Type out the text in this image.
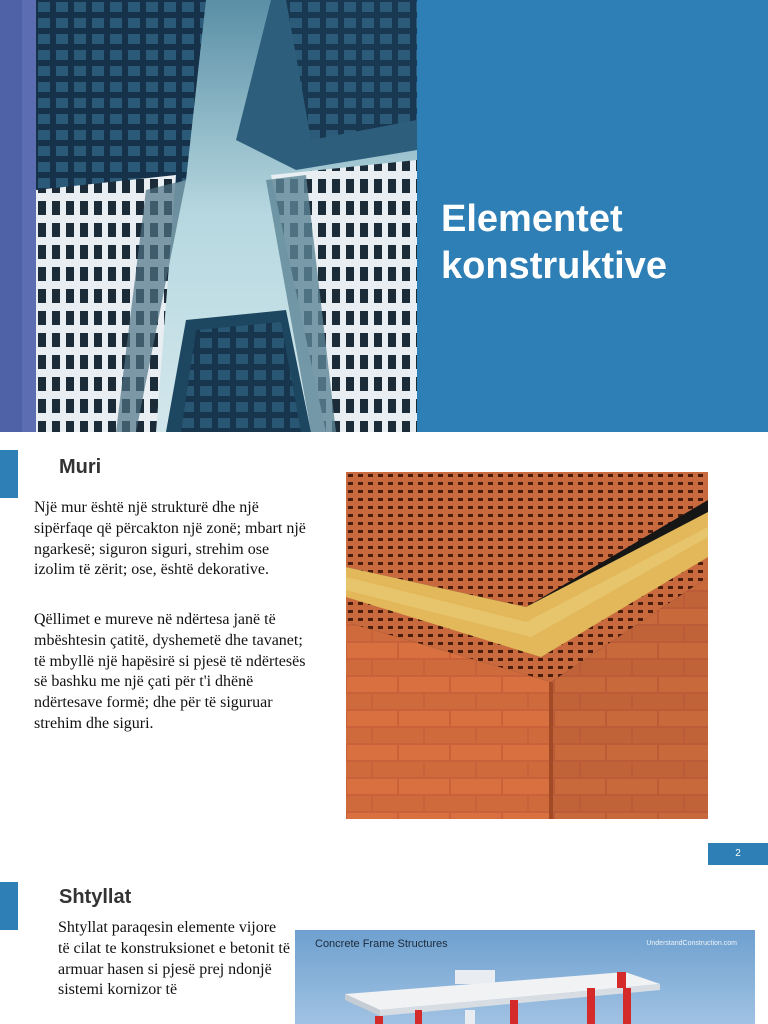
Elementet
konstruktive
Muri

Një mur është një strukturë dhe një sipërfaqe që përcakton një zonë; mbart një ngarkesë; siguron siguri, strehim ose izolim të zërit; ose, është dekorative.

Qëllimet e mureve në ndërtesa janë të mbështesin çatitë, dyshemetë dhe tavanet; të mbyllë një hapësirë si pjesë të ndërtesës së bashku me një çati për t'i dhënë ndërtesave formë; dhe për të siguruar strehim dhe siguri.

2
Shtyllat

Shtyllat paraqesin elemente vijore të cilat te konstruksionet e betonit të armuar hasen si pjesë prej ndonjë sistemi kornizor të

Concrete Frame Structures	UnderstandConstruction.com
